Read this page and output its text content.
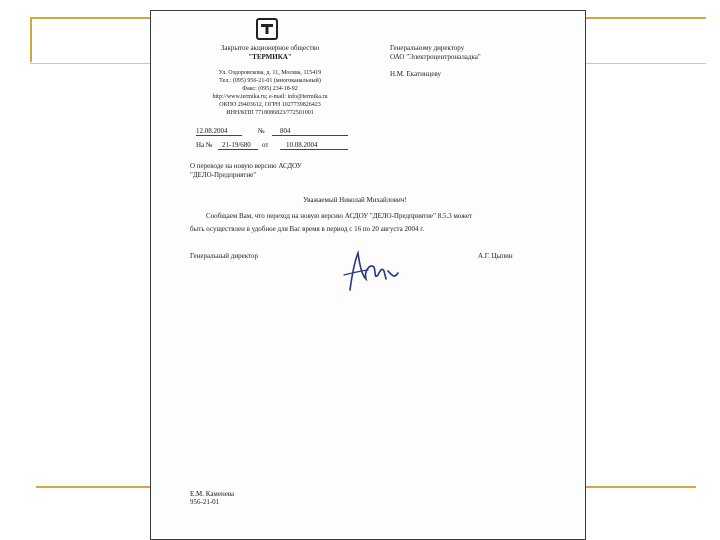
Закрытое акционерное общество
"ТЕРМИКА"
Ул. Оздоровскова, д. 11, Москва, 115419
Тел.: (095) 956-21-01 (многоканальный)
Факс: (095) 234-18-92
http://www.termika.ru; e-mail: info@termika.ru
ОКПО 29403612, ОГРН 1027739826423
ИНН/КПП 7718086823/772501001
Генеральному директору
ОАО "Электроцентроналадка"
Н.М. Екатинцеву
12.08.2004	№ 804
На № 21-19/680 от	10.08.2004
О переводе на новую версию АСДОУ
"ДЕЛО-Предприятие"
Уважаемый Николай Михайлович!
Сообщаем Вам, что переход на новую версию АСДОУ "ДЕЛО-Предприятие" 8.5.3 может
быть осуществлен в удобное для Вас время в период с 16 по 20 августа 2004 г.
Генеральный директор	А.Г. Цыпин
Е.М. Каменева
956-21-01
